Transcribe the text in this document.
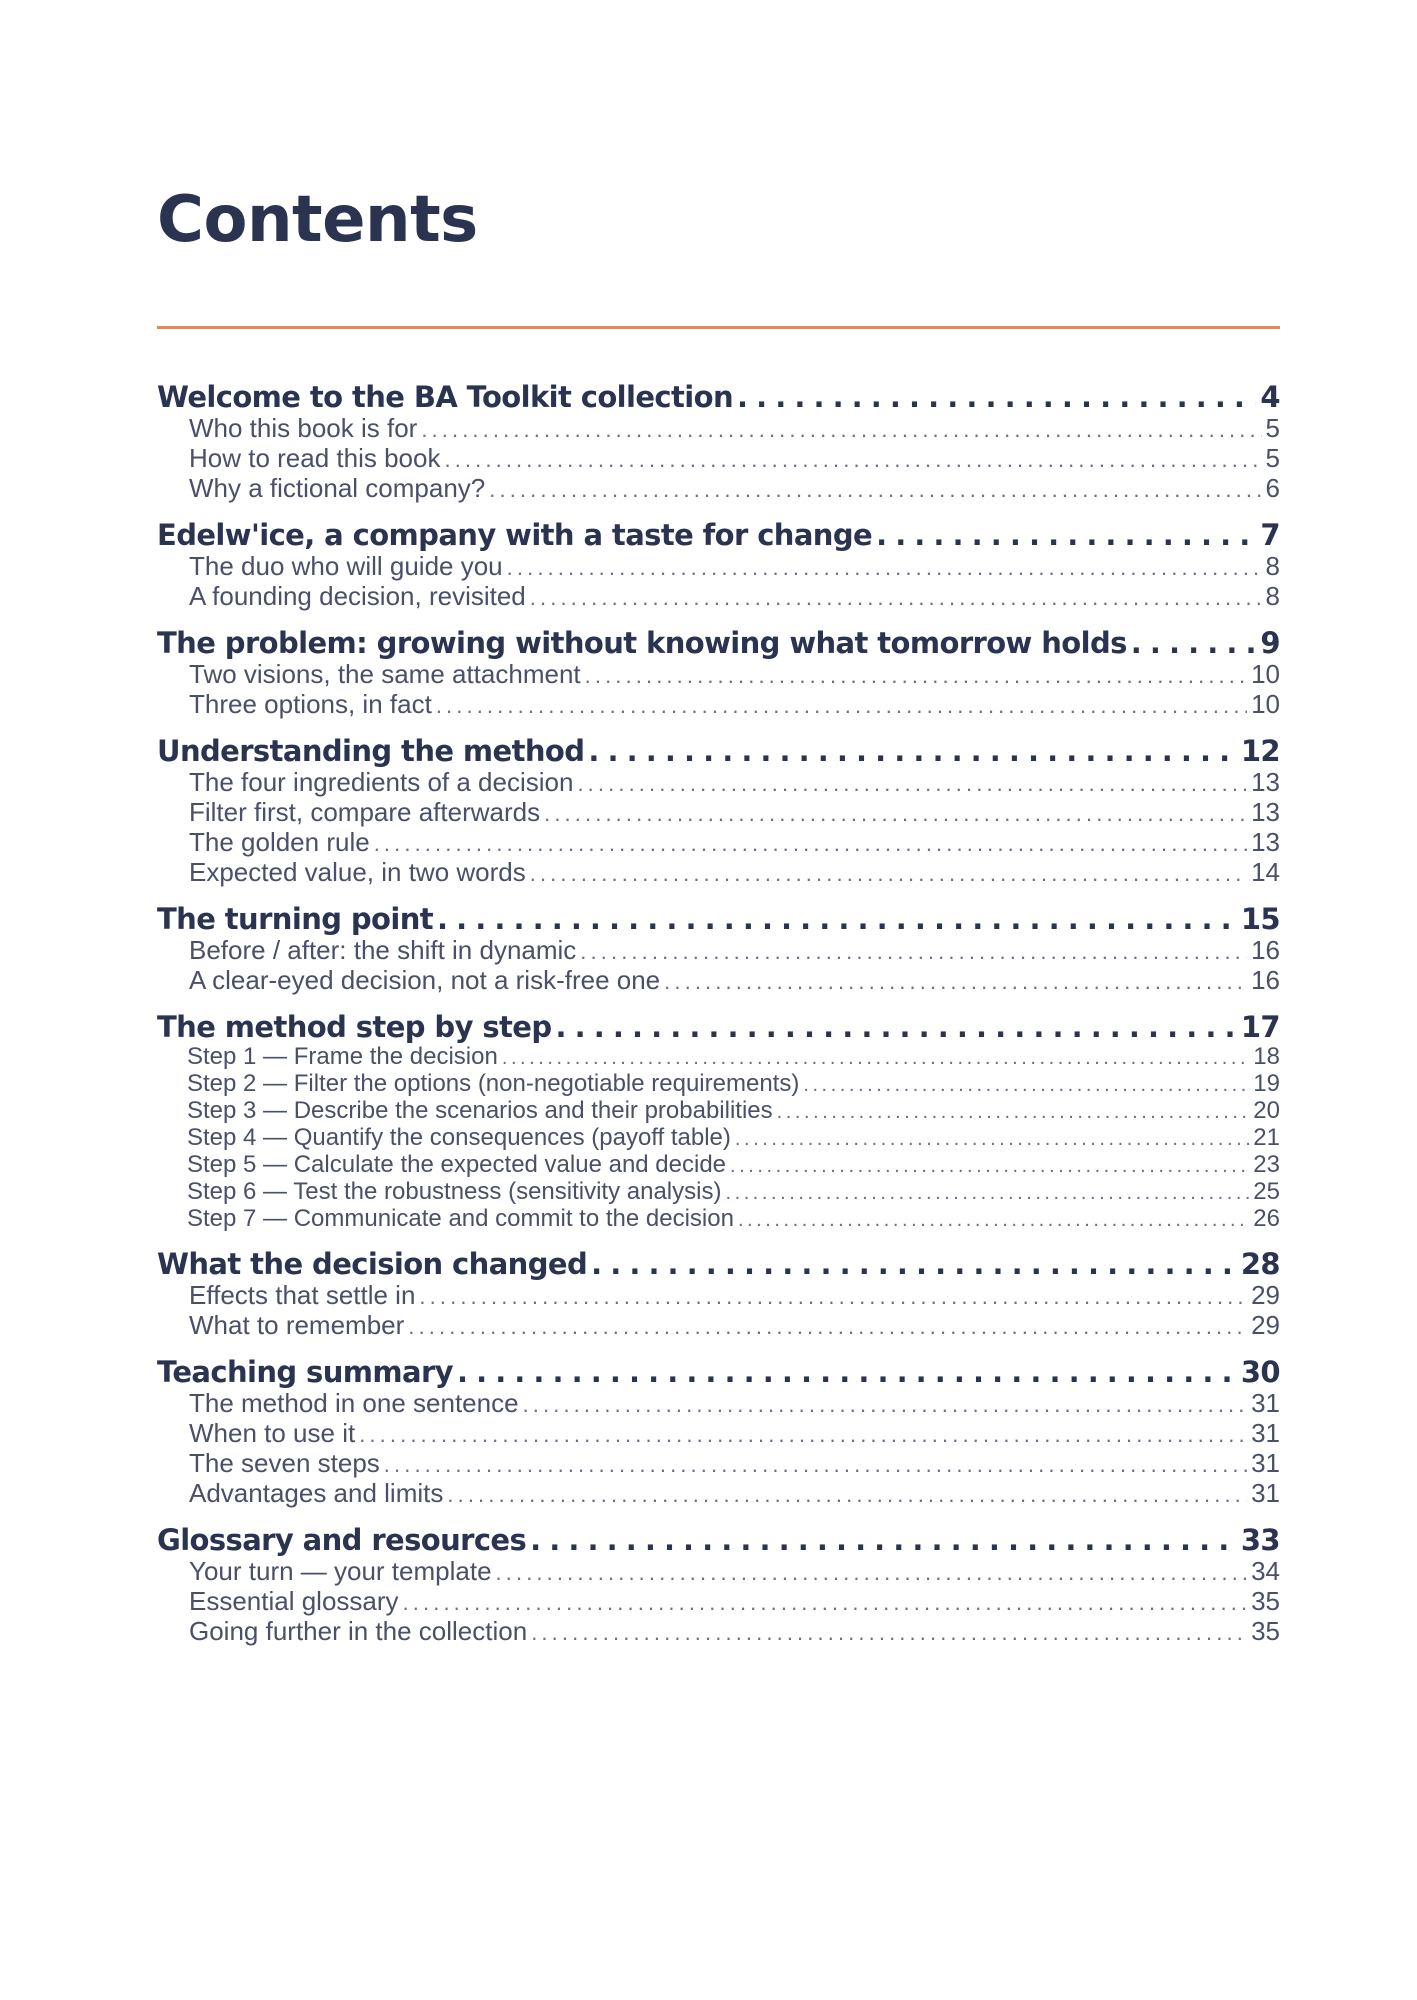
Contents
Welcome to the BA Toolkit collection . . .	4
Who this book is for . . .	5
How to read this book . . .	5
Why a fictional company? . . .	6
Edelw'ice, a company with a taste for change . . .	7
The duo who will guide you . . .	8
A founding decision, revisited . . .	8
The problem: growing without knowing what tomorrow holds . . .	9
Two visions, the same attachment . . .	10
Three options, in fact . . .	10
Understanding the method . . .	12
The four ingredients of a decision . . .	13
Filter first, compare afterwards . . .	13
The golden rule . . .	13
Expected value, in two words . . .	14
The turning point . . .	15
Before / after: the shift in dynamic . . .	16
A clear-eyed decision, not a risk-free one . . .	16
The method step by step . . .	17
Step 1 — Frame the decision . . .	18
Step 2 — Filter the options (non-negotiable requirements) . . .	19
Step 3 — Describe the scenarios and their probabilities . . .	20
Step 4 — Quantify the consequences (payoff table) . . .	21
Step 5 — Calculate the expected value and decide . . .	23
Step 6 — Test the robustness (sensitivity analysis) . . .	25
Step 7 — Communicate and commit to the decision . . .	26
What the decision changed . . .	28
Effects that settle in . . .	29
What to remember . . .	29
Teaching summary . . .	30
The method in one sentence . . .	31
When to use it . . .	31
The seven steps . . .	31
Advantages and limits . . .	31
Glossary and resources . . .	33
Your turn — your template . . .	34
Essential glossary . . .	35
Going further in the collection . . .	35
